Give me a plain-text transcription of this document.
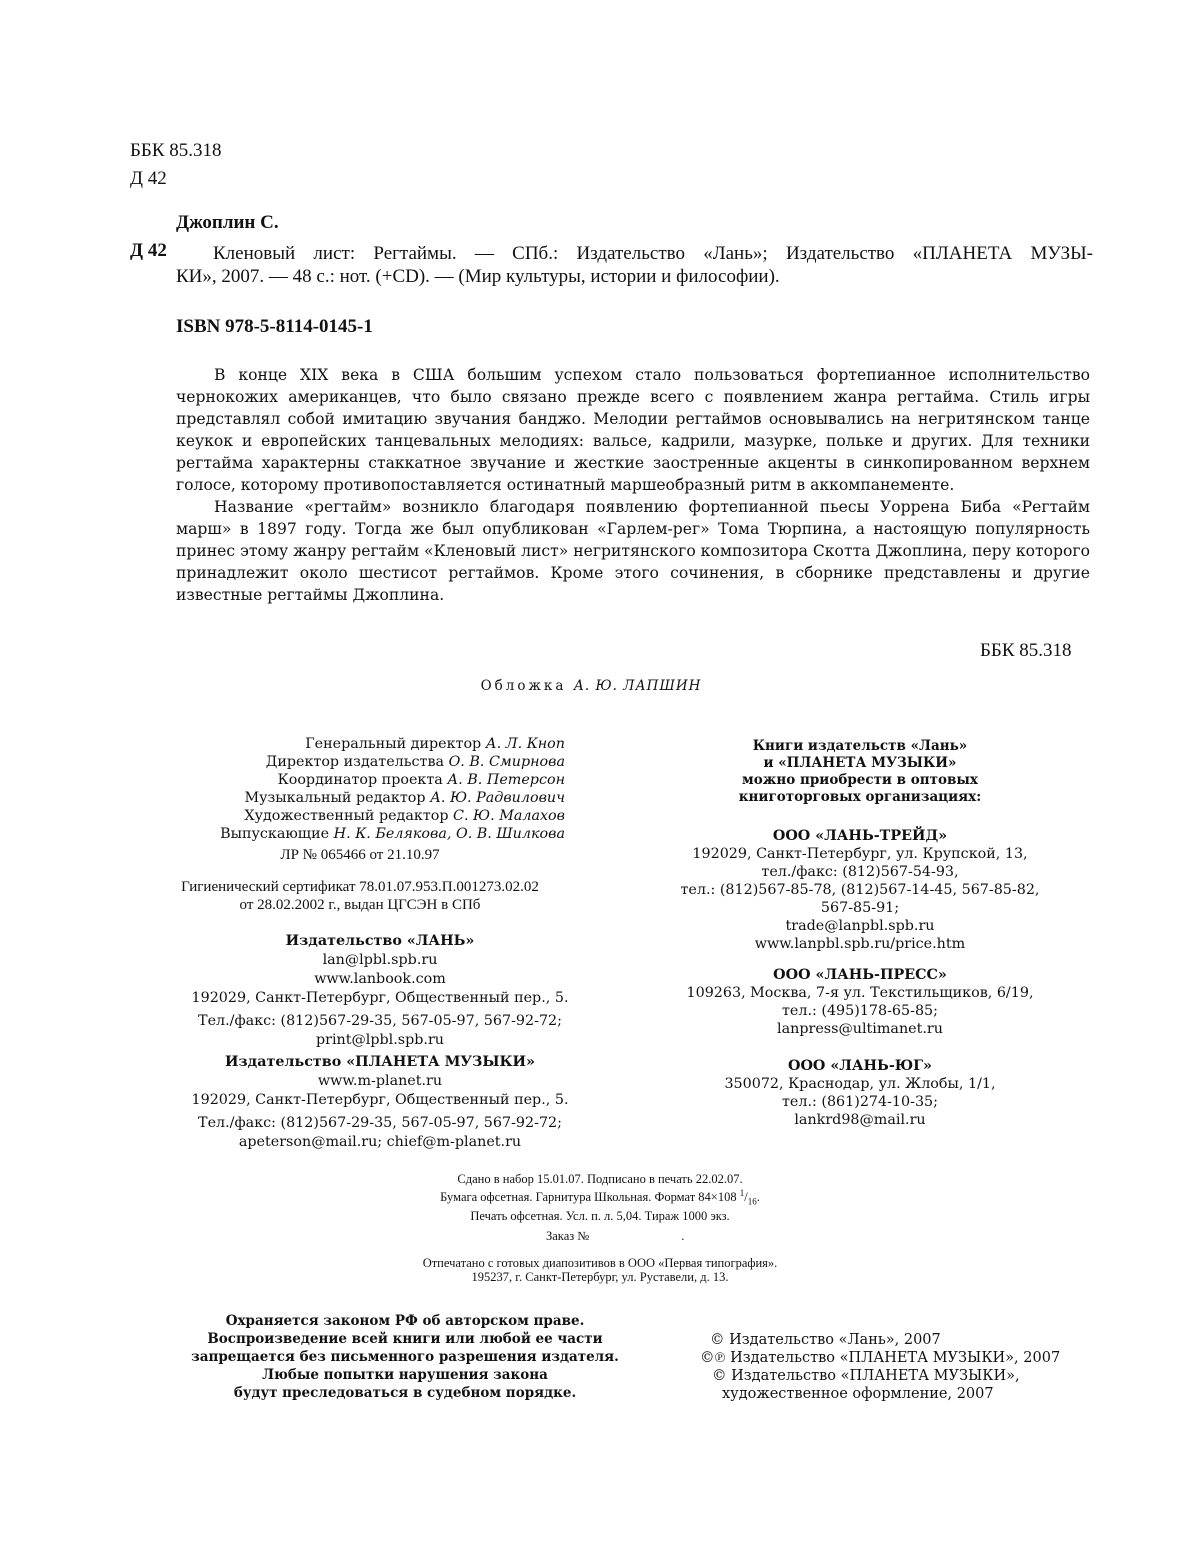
ББК 85.318
Д 42
Джоплин С.
Д 42 Кленовый лист: Регтаймы. — СПб.: Издательство «Лань»; Издательство «ПЛАНЕТА МУЗЫ-
КИ», 2007. — 48 с.: нот. (+CD). — (Мир культуры, истории и философии).
ISBN 978-5-8114-0145-1

В конце XIX века в США большим успехом стало пользоваться фортепианное исполнительство чернокожих американцев, что было связано прежде всего с появлением жанра регтайма. Стиль игры представлял собой имитацию звучания банджо. Мелодии регтаймов основывались на негритянском танце кеукок и европейских танцевальных мелодиях: вальсе, кадрили, мазурке, польке и других. Для техники регтайма характерны стаккатное звучание и жесткие заостренные акценты в синкопированном верхнем голосе, которому противопоставляется остинатный маршеобразный ритм в аккомпанементе.

Название «регтайм» возникло благодаря появлению фортепианной пьесы Уоррена Биба «Регтайм марш» в 1897 году. Тогда же был опубликован «Гарлем-рег» Тома Тюрпина, а настоящую популярность принес этому жанру регтайм «Кленовый лист» негритянского композитора Скотта Джоплина, перу которого принадлежит около шестисот регтаймов. Кроме этого сочинения, в сборнике представлены и другие известные регтаймы Джоплина.

ББК 85.318
Обложка А. Ю. ЛАПШИН
Генеральный директор А. Л. Кноп
Директор издательства О. В. Смирнова
Координатор проекта А. В. Петерсон
Музыкальный редактор А. Ю. Радвилович
Художественный редактор С. Ю. Малахов
Выпускающие Н. К. Белякова, О. В. Шилкова
ЛР № 065466 от 21.10.97
Гигиенический сертификат 78.01.07.953.П.001273.02.02
от 28.02.2002 г., выдан ЦГСЭН в СПб
Издательство «ЛАНЬ»
lan@lpbl.spb.ru
www.lanbook.com
192029, Санкт-Петербург, Общественный пер., 5.
Тел./факс: (812)567-29-35, 567-05-97, 567-92-72;
print@lpbl.spb.ru
Издательство «ПЛАНЕТА МУЗЫКИ»
www.m-planet.ru
192029, Санкт-Петербург, Общественный пер., 5.
Тел./факс: (812)567-29-35, 567-05-97, 567-92-72;
apeterson@mail.ru; chief@m-planet.ru
Книги издательств «Лань»
и «ПЛАНЕТА МУЗЫКИ»
можно приобрести в оптовых
книготорговых организациях:
ООО «ЛАНЬ-ТРЕЙД»
192029, Санкт-Петербург, ул. Крупской, 13,
тел./факс: (812)567-54-93,
тел.: (812)567-85-78, (812)567-14-45, 567-85-82,
567-85-91;
trade@lanpbl.spb.ru
www.lanpbl.spb.ru/price.htm
ООО «ЛАНЬ-ПРЕСС»
109263, Москва, 7-я ул. Текстильщиков, 6/19,
тел.: (495)178-65-85;
lanpress@ultimanet.ru
ООО «ЛАНЬ-ЮГ»
350072, Краснодар, ул. Жлобы, 1/1,
тел.: (861)274-10-35;
lankrd98@mail.ru
Сдано в набор 15.01.07. Подписано в печать 22.02.07.
Бумага офсетная. Гарнитура Школьная. Формат 84×108 $^1/_{16}$.
Печать офсетная. Усл. п. л. 5,04. Тираж 1000 экз.
Заказ №	.
Отпечатано с готовых диапозитивов в ООО «Первая типография».
195237, г. Санкт-Петербург, ул. Руставели, д. 13.
Охраняется законом РФ об авторском праве.
Воспроизведение всей книги или любой ее части
запрещается без письменного разрешения издателя.
Любые попытки нарушения закона
будут преследоваться в судебном порядке.
© Издательство «Лань», 2007
©℗ Издательство «ПЛАНЕТА МУЗЫКИ», 2007
© Издательство «ПЛАНЕТА МУЗЫКИ»,
художественное оформление, 2007
